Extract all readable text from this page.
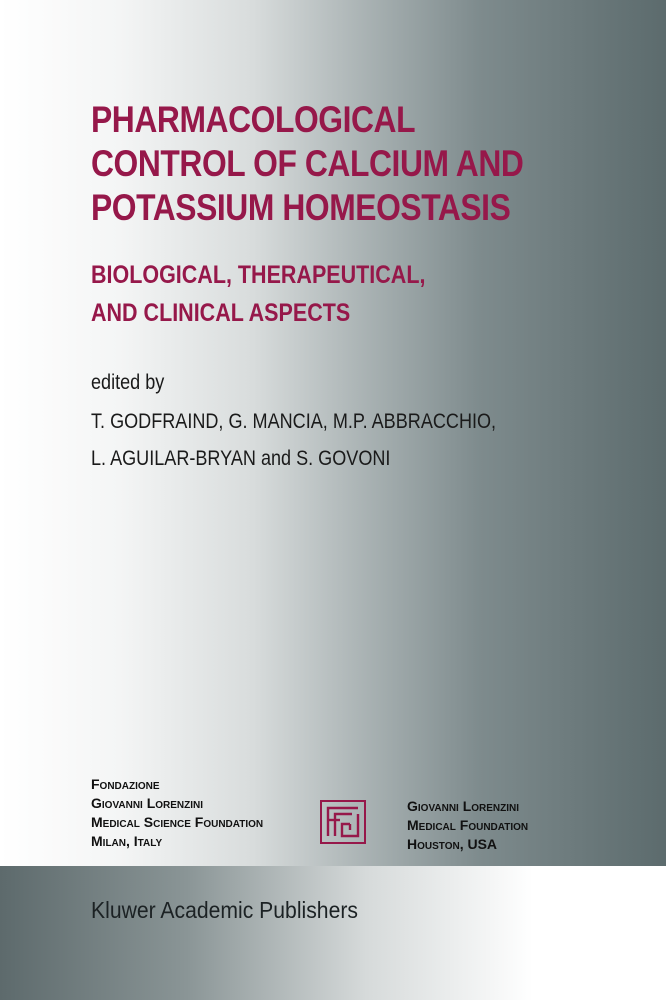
PHARMACOLOGICAL
CONTROL OF CALCIUM AND
POTASSIUM HOMEOSTASIS
BIOLOGICAL, THERAPEUTICAL,
AND CLINICAL ASPECTS
edited by
T. GODFRAIND, G. MANCIA, M.P. ABBRACCHIO,
L. AGUILAR-BRYAN and S. GOVONI
Fondazione
Giovanni Lorenzini
Medical Science Foundation
Milan, Italy
Giovanni Lorenzini
Medical Foundation
Houston, USA
Kluwer Academic Publishers
